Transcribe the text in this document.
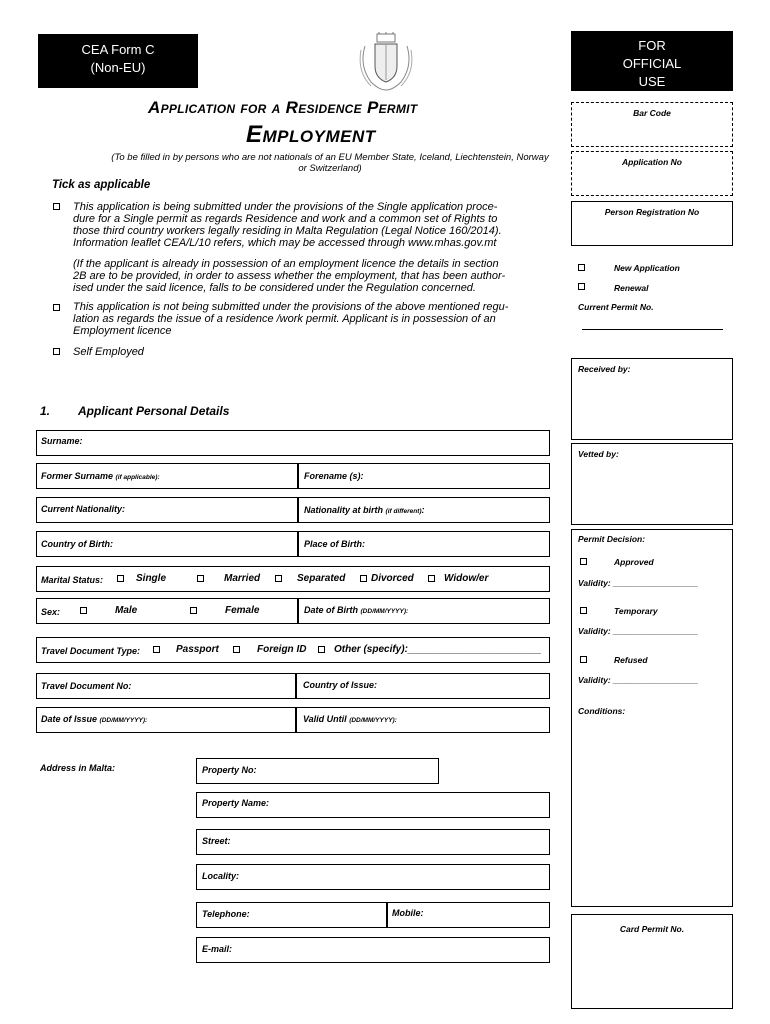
CEA Form C
(Non-EU)
FOR
OFFICIAL
USE
Application for a Residence Permit
Employment
(To be filled in by persons who are not nationals of an EU Member State, Iceland, Liechtenstein, Norway
or Switzerland)
Tick as applicable
This application is being submitted under the provisions of the Single application proce-
dure for a Single permit as regards Residence and work and a common set of Rights to
those third country workers legally residing in Malta Regulation (Legal Notice 160/2014).
Information leaflet CEA/L/10 refers, which may be accessed through www.mhas.gov.mt
(If the applicant is already in possession of an employment licence the details in section
2B are to be provided, in order to assess whether the employment, that has been author-
ised under the said licence, falls to be considered under the Regulation concerned.
This application is not being submitted under the provisions of the above mentioned regu-
lation as regards the issue of a residence /work permit. Applicant is in possession of an
Employment licence
Self Employed
1. Applicant Personal Details
Surname:
Former Surname (if applicable):	Forename (s):
Current Nationality:	Nationality at birth (if different):
Country of Birth:	Place of Birth:
Marital Status:	Single	Married	Separated	Divorced	Widow/er
Sex:	Male	Female	Date of Birth (DD/MM/YYYY):
Travel Document Type:	Passport	Foreign ID	Other (specify):________________________
Travel Document No:	Country of Issue:
Date of Issue (DD/MM/YYYY):	Valid Until (DD/MM/YYYY):
Address in Malta:	Property No:
Property Name:
Street:
Locality:
Telephone:	Mobile:
E-mail:
Bar Code
Application No
Person Registration No
New Application
Renewal
Current Permit No.
Received by:
Vetted by:
Permit Decision:
Approved
Validity: __________________
Temporary
Validity: __________________
Refused
Validity: __________________
Conditions:
Card Permit No.
